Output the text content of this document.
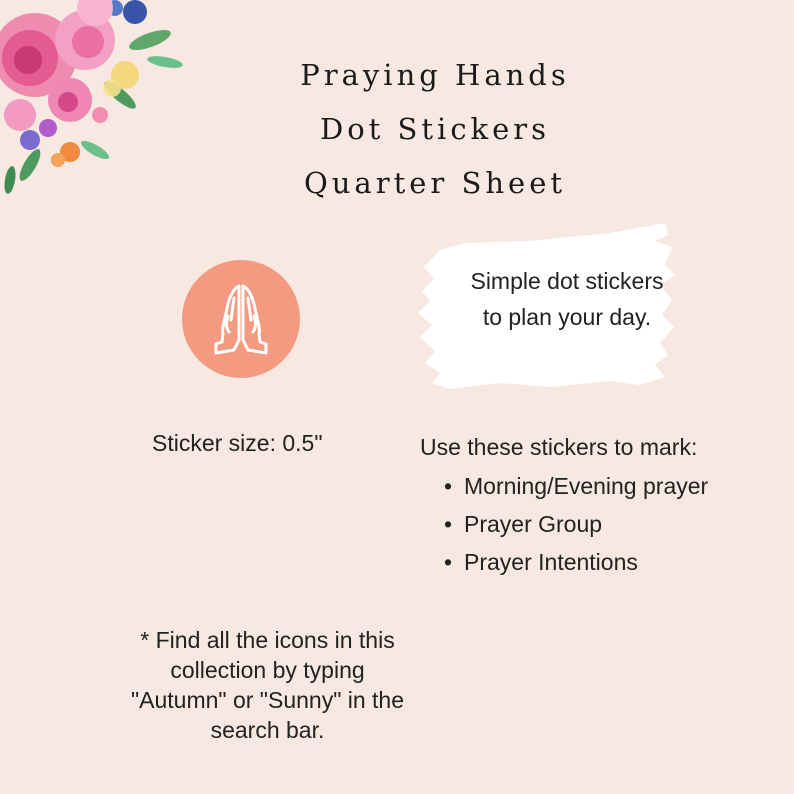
Praying Hands
Dot Stickers
Quarter Sheet
Simple dot stickers
to plan your day.
Sticker size: 0.5"	Use these stickers to mark:
• Morning/Evening prayer
• Prayer Group
• Prayer Intentions
* Find all the icons in this
collection by typing
"Autumn" or "Sunny" in the
search bar.
